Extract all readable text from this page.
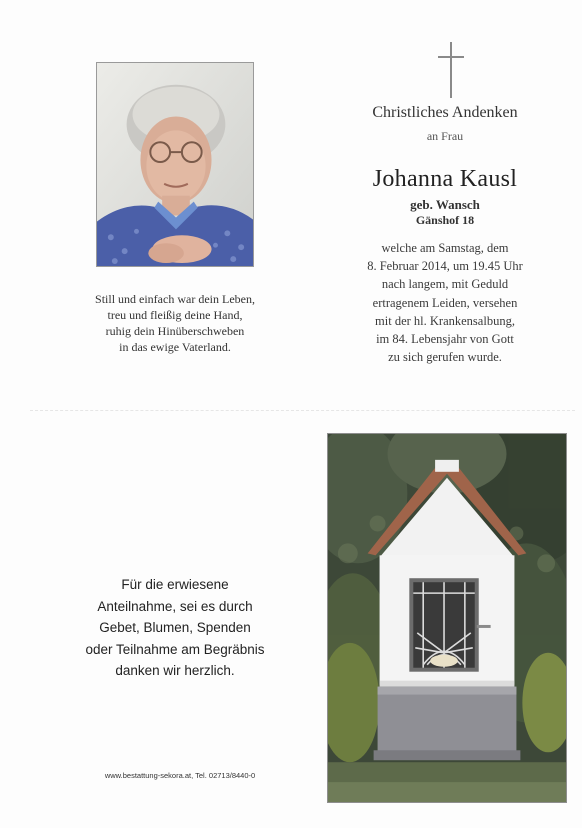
Still und einfach war dein Leben,
treu und fleißig deine Hand,
ruhig dein Hinüberschweben
in das ewige Vaterland.
Christliches Andenken
an Frau
Johanna Kausl
geb. Wansch
Gänshof 18
welche am Samstag, dem
8. Februar 2014, um 19.45 Uhr
nach langem, mit Geduld
ertragenem Leiden, versehen
mit der hl. Krankensalbung,
im 84. Lebensjahr von Gott
zu sich gerufen wurde.
Für die erwiesene
Anteilnahme, sei es durch
Gebet, Blumen, Spenden
oder Teilnahme am Begräbnis
danken wir herzlich.
www.bestattung-sekora.at, Tel. 02713/8440-0
